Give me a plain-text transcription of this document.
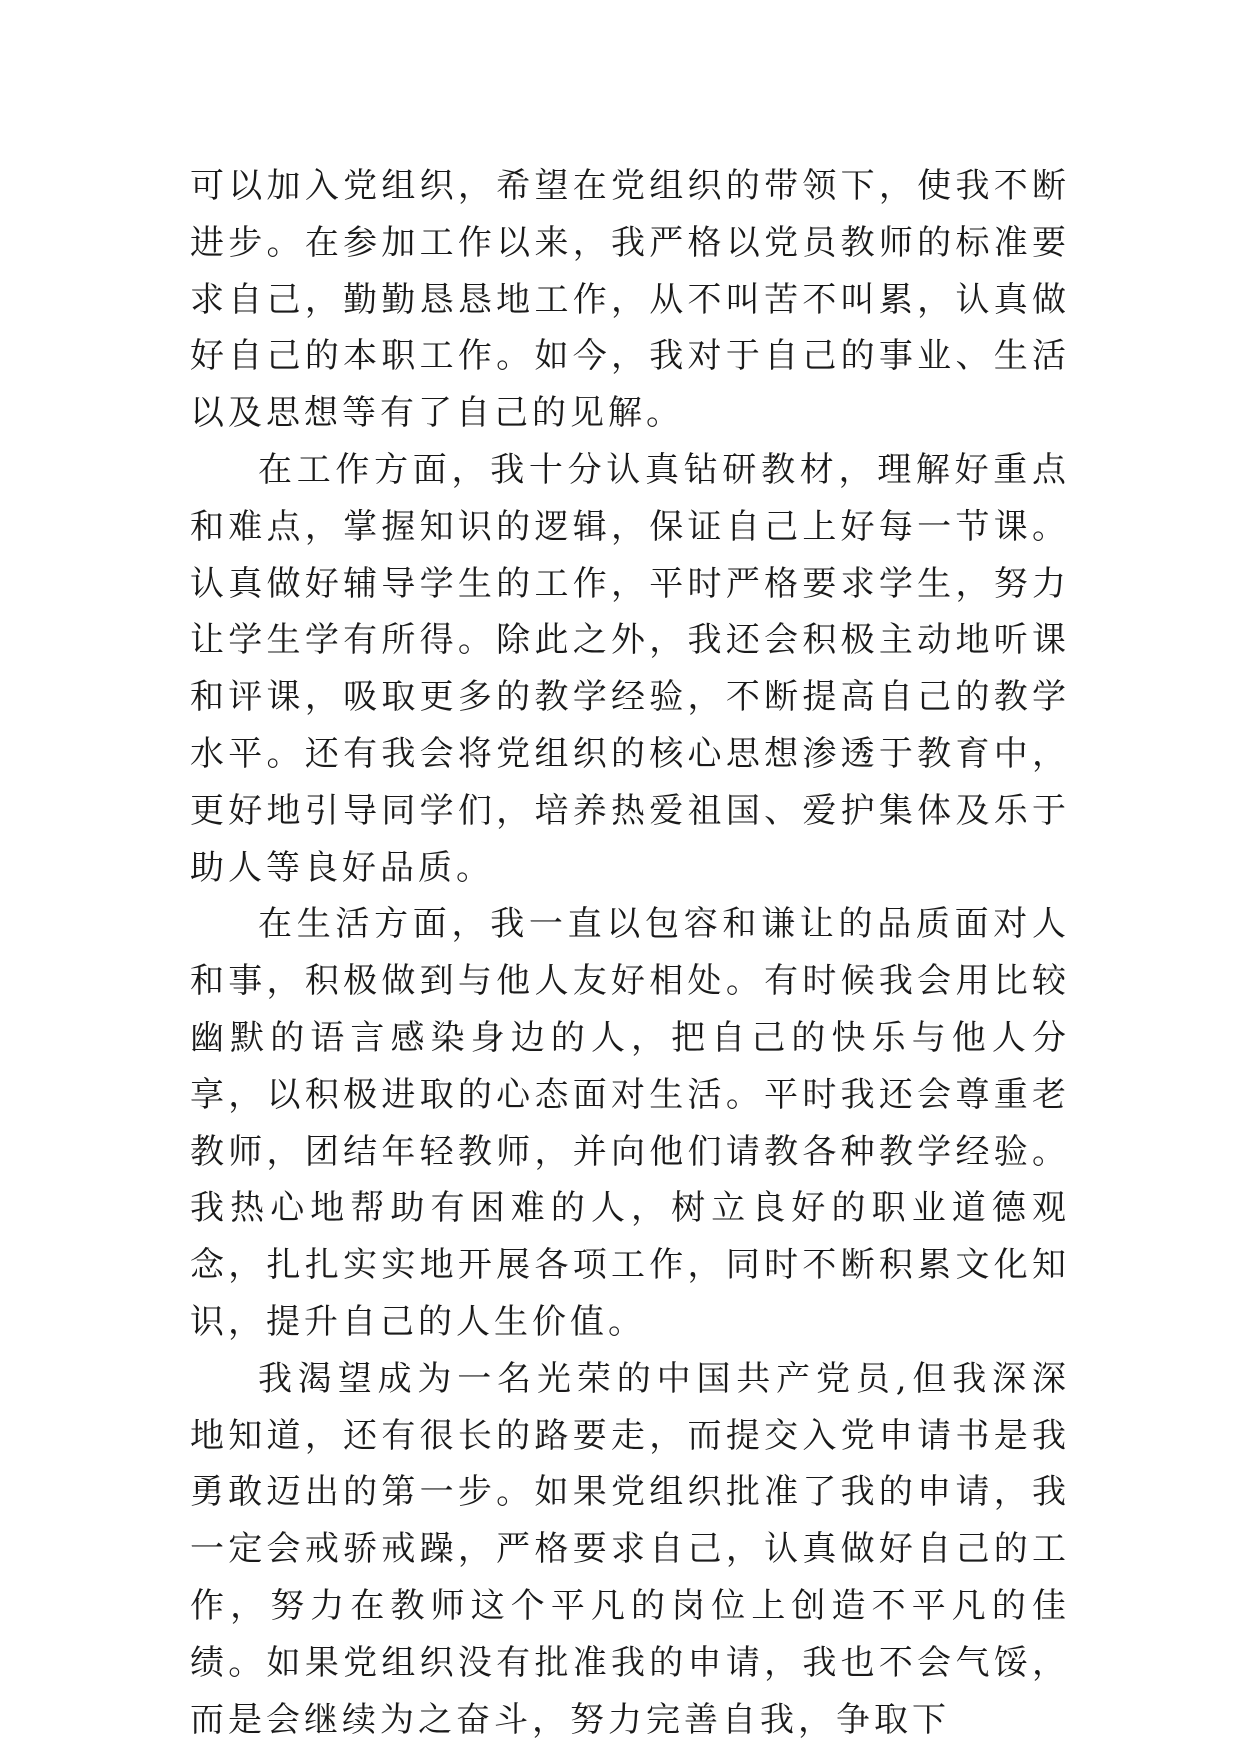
可以加入党组织，希望在党组织的带领下，使我不断进步。在参加工作以来，我严格以党员教师的标准要求自己，勤勤恳恳地工作，从不叫苦不叫累，认真做好自己的本职工作。如今，我对于自己的事业、生活以及思想等有了自己的见解。

在工作方面，我十分认真钻研教材，理解好重点和难点，掌握知识的逻辑，保证自己上好每一节课。认真做好辅导学生的工作，平时严格要求学生，努力让学生学有所得。除此之外，我还会积极主动地听课和评课，吸取更多的教学经验，不断提高自己的教学水平。还有我会将党组织的核心思想渗透于教育中，更好地引导同学们，培养热爱祖国、爱护集体及乐于助人等良好品质。

在生活方面，我一直以包容和谦让的品质面对人和事，积极做到与他人友好相处。有时候我会用比较幽默的语言感染身边的人，把自己的快乐与他人分享，以积极进取的心态面对生活。平时我还会尊重老教师，团结年轻教师，并向他们请教各种教学经验。我热心地帮助有困难的人，树立良好的职业道德观念，扎扎实实地开展各项工作，同时不断积累文化知识，提升自己的人生价值。

我渴望成为一名光荣的中国共产党员,但我深深地知道，还有很长的路要走，而提交入党申请书是我勇敢迈出的第一步。如果党组织批准了我的申请，我一定会戒骄戒躁，严格要求自己，认真做好自己的工作，努力在教师这个平凡的岗位上创造不平凡的佳绩。如果党组织没有批准我的申请，我也不会气馁，而是会继续为之奋斗，努力完善自我，争取下
